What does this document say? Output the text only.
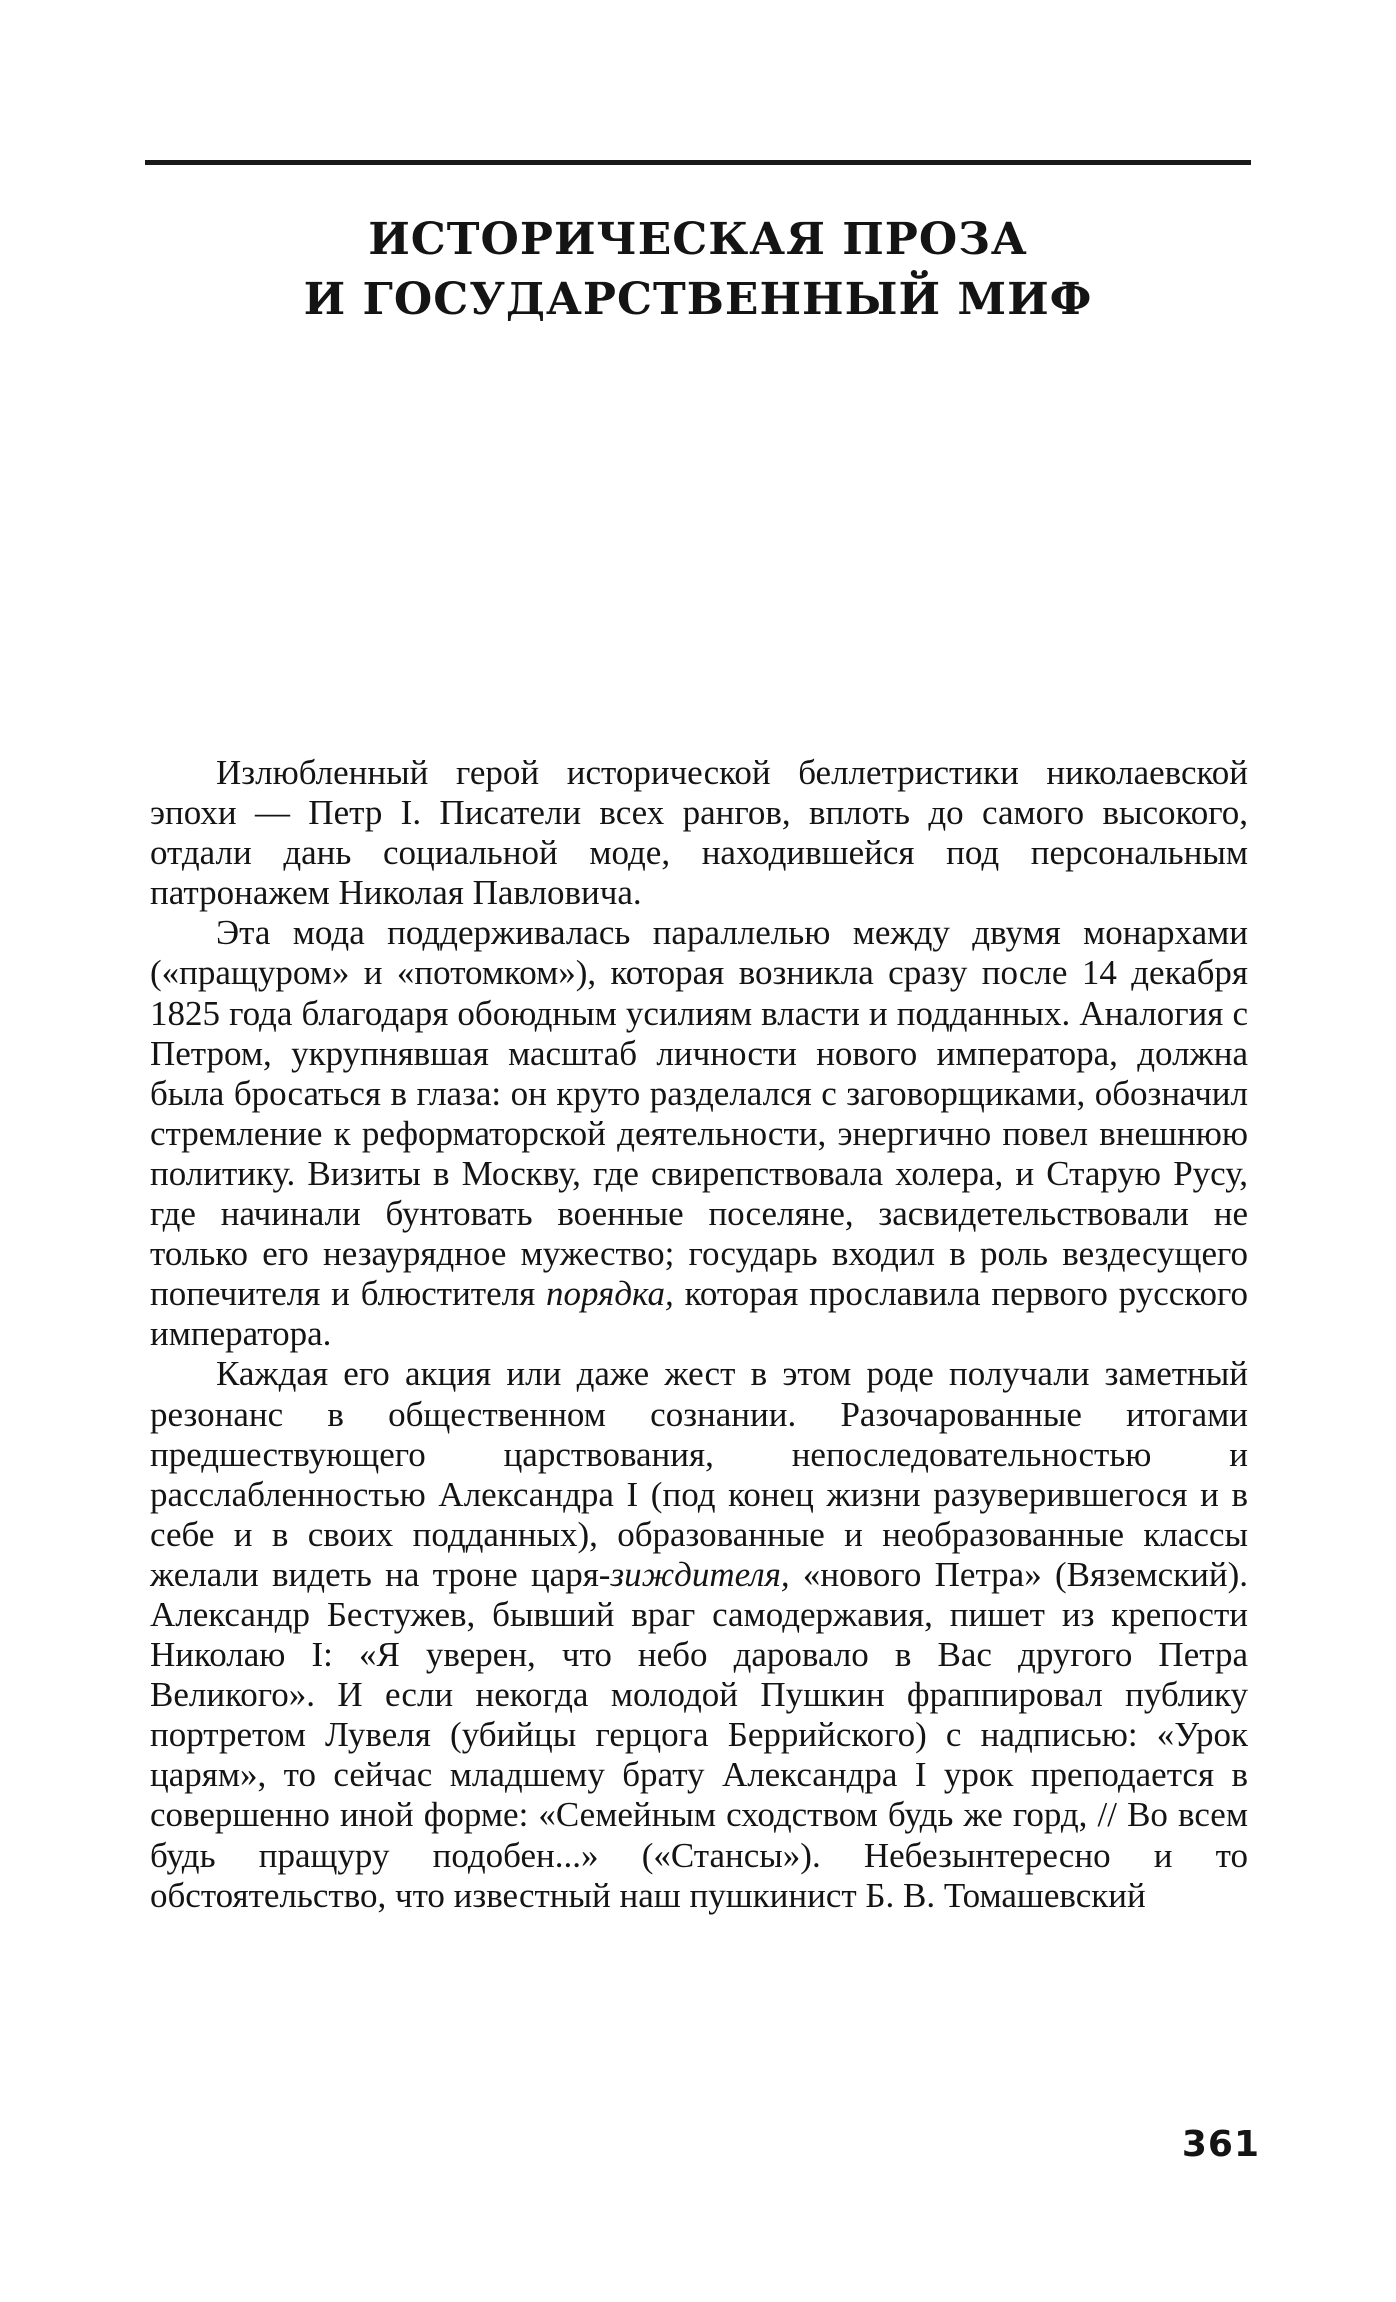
ИСТОРИЧЕСКАЯ ПРОЗА
И ГОСУДАРСТВЕННЫЙ МИФ

Излюбленный герой исторической беллетристики николаевской эпохи — Петр I. Писатели всех рангов, вплоть до самого высокого, отдали дань социальной моде, находившейся под персональным патронажем Николая Павловича.

Эта мода поддерживалась параллелью между двумя монархами («пращуром» и «потомком»), которая возникла сразу после 14 декабря 1825 года благодаря обоюдным усилиям власти и подданных. Аналогия с Петром, укрупнявшая масштаб личности нового императора, должна была бросаться в глаза: он круто разделался с заговорщиками, обозначил стремление к реформаторской деятельности, энергично повел внешнюю политику. Визиты в Москву, где свирепствовала холера, и Старую Русу, где начинали бунтовать военные поселяне, засвидетельствовали не только его незаурядное мужество; государь входил в роль вездесущего попечителя и блюстителя порядка, которая прославила первого русского императора.

Каждая его акция или даже жест в этом роде получали заметный резонанс в общественном сознании. Разочарованные итогами предшествующего царствования, непоследовательностью и расслабленностью Александра I (под конец жизни разуверившегося и в себе и в своих подданных), образованные и необразованные классы желали видеть на троне царя-зиждителя, «нового Петра» (Вяземский). Александр Бестужев, бывший враг самодержавия, пишет из крепости Николаю I: «Я уверен, что небо даровало в Вас другого Петра Великого». И если некогда молодой Пушкин фраппировал публику портретом Лувеля (убийцы герцога Беррийского) с надписью: «Урок царям», то сейчас младшему брату Александра I урок преподается в совершенно иной форме: «Семейным сходством будь же горд, // Во всем будь пращуру подобен...» («Стансы»). Небезынтересно и то обстоятельство, что известный наш пушкинист Б. В. Томашевский

361
